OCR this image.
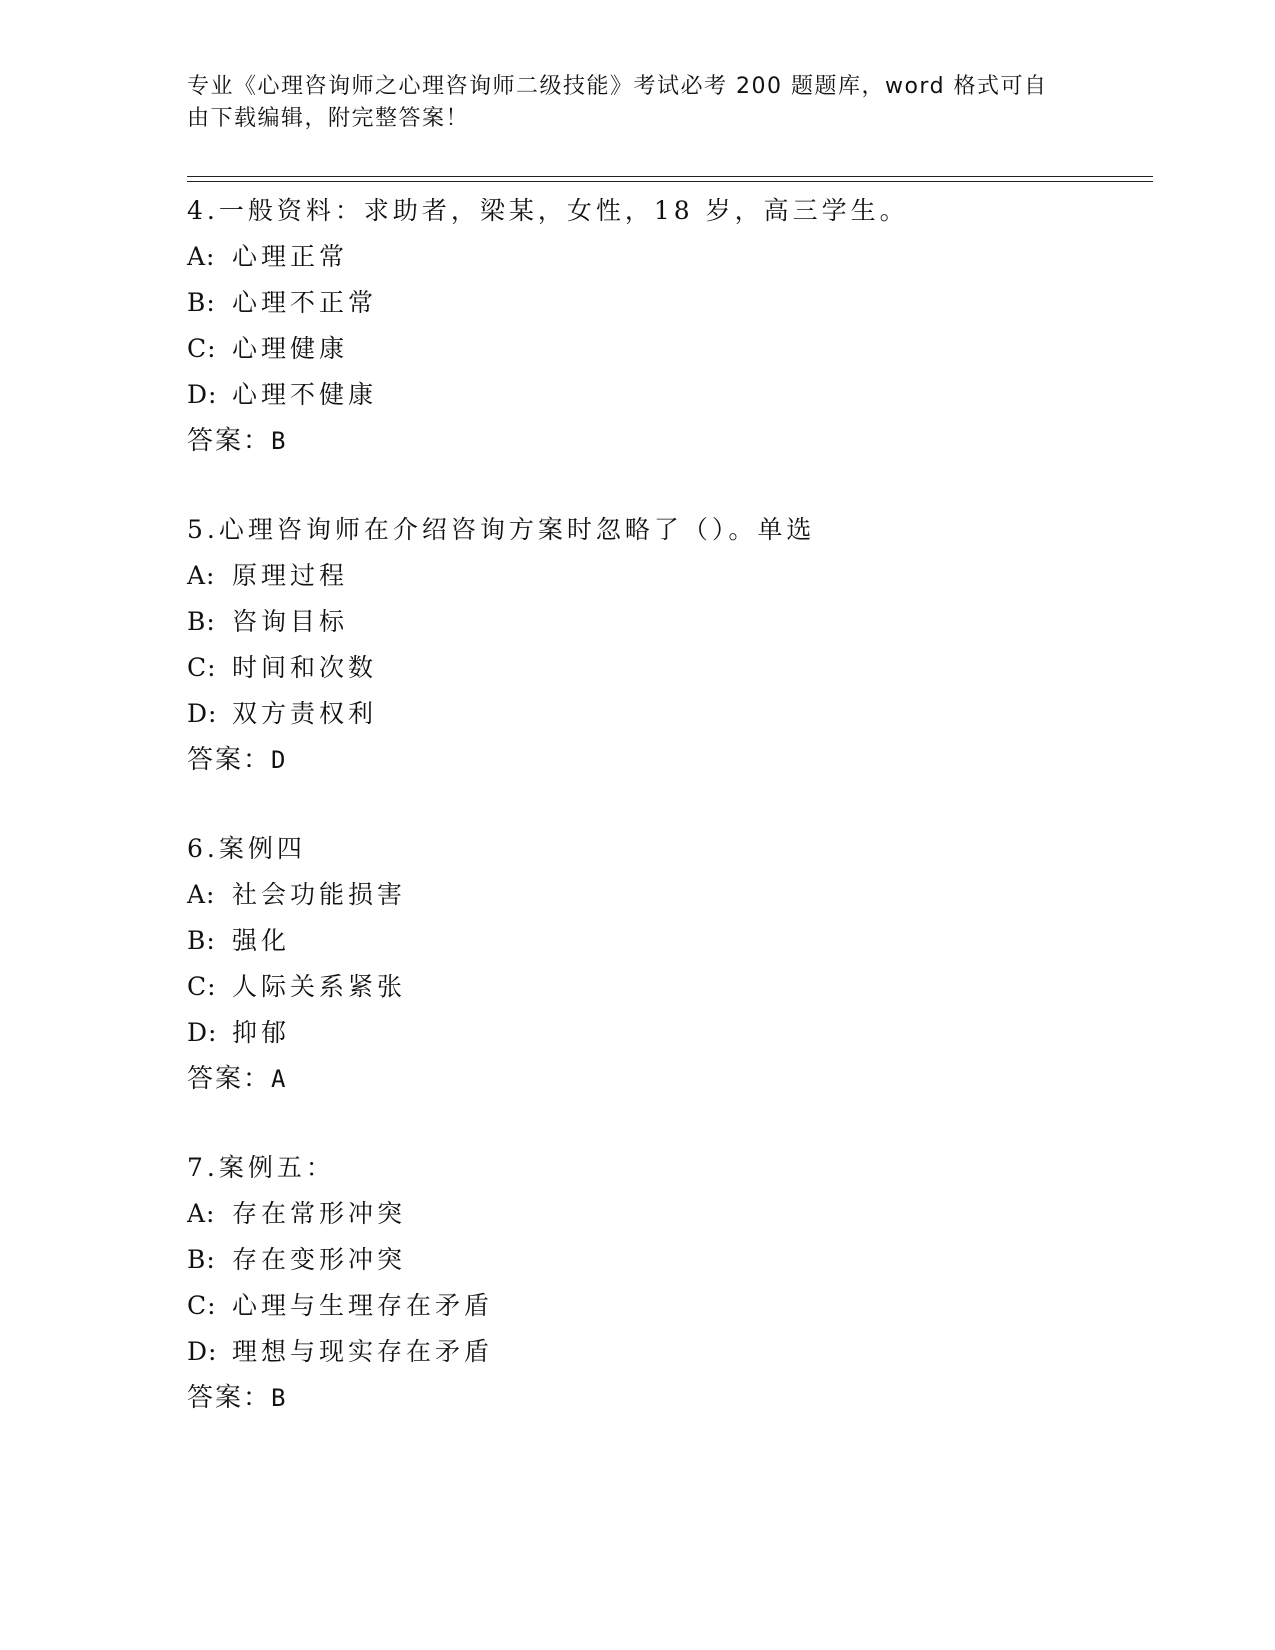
专业《心理咨询师之心理咨询师二级技能》考试必考 200 题题库，word 格式可自
由下载编辑，附完整答案！
4.一般资料：求助者，梁某，女性，18 岁，高三学生。
A: 心理正常
B: 心理不正常
C: 心理健康
D: 心理不健康
答案：B
5.心理咨询师在介绍咨询方案时忽略了（）。单选
A: 原理过程
B: 咨询目标
C: 时间和次数
D: 双方责权利
答案：D
6.案例四
A: 社会功能损害
B: 强化
C: 人际关系紧张
D: 抑郁
答案：A
7.案例五：
A: 存在常形冲突
B: 存在变形冲突
C: 心理与生理存在矛盾
D: 理想与现实存在矛盾
答案：B
